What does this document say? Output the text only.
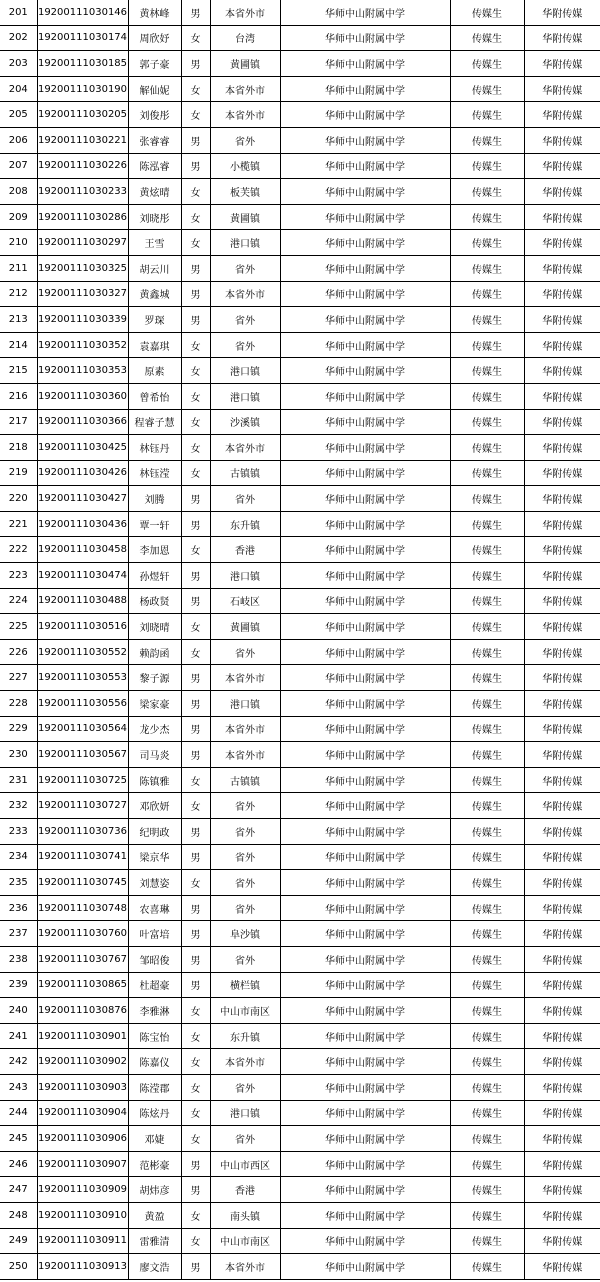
201	19200111030146	黄林峰	男	本省外市	华师中山附属中学	传媒生	华附传媒
202	19200111030174	周欣妤	女	台湾	华师中山附属中学	传媒生	华附传媒
203	19200111030185	郭子豪	男	黄圃镇	华师中山附属中学	传媒生	华附传媒
204	19200111030190	解仙妮	女	本省外市	华师中山附属中学	传媒生	华附传媒
205	19200111030205	刘俊彤	女	本省外市	华师中山附属中学	传媒生	华附传媒
206	19200111030221	张睿睿	男	省外	华师中山附属中学	传媒生	华附传媒
207	19200111030226	陈泓睿	男	小榄镇	华师中山附属中学	传媒生	华附传媒
208	19200111030233	黄炫晴	女	板芙镇	华师中山附属中学	传媒生	华附传媒
209	19200111030286	刘晓彤	女	黄圃镇	华师中山附属中学	传媒生	华附传媒
210	19200111030297	王雪	女	港口镇	华师中山附属中学	传媒生	华附传媒
211	19200111030325	胡云川	男	省外	华师中山附属中学	传媒生	华附传媒
212	19200111030327	黄鑫城	男	本省外市	华师中山附属中学	传媒生	华附传媒
213	19200111030339	罗琛	男	省外	华师中山附属中学	传媒生	华附传媒
214	19200111030352	袁嘉琪	女	省外	华师中山附属中学	传媒生	华附传媒
215	19200111030353	原素	女	港口镇	华师中山附属中学	传媒生	华附传媒
216	19200111030360	曾希怡	女	港口镇	华师中山附属中学	传媒生	华附传媒
217	19200111030366	程睿子慧	女	沙溪镇	华师中山附属中学	传媒生	华附传媒
218	19200111030425	林钰丹	女	本省外市	华师中山附属中学	传媒生	华附传媒
219	19200111030426	林钰滢	女	古镇镇	华师中山附属中学	传媒生	华附传媒
220	19200111030427	刘腾	男	省外	华师中山附属中学	传媒生	华附传媒
221	19200111030436	覃一轩	男	东升镇	华师中山附属中学	传媒生	华附传媒
222	19200111030458	李加恩	女	香港	华师中山附属中学	传媒生	华附传媒
223	19200111030474	孙煜轩	男	港口镇	华师中山附属中学	传媒生	华附传媒
224	19200111030488	杨政贤	男	石岐区	华师中山附属中学	传媒生	华附传媒
225	19200111030516	刘晓晴	女	黄圃镇	华师中山附属中学	传媒生	华附传媒
226	19200111030552	赖韵函	女	省外	华师中山附属中学	传媒生	华附传媒
227	19200111030553	黎子源	男	本省外市	华师中山附属中学	传媒生	华附传媒
228	19200111030556	梁家豪	男	港口镇	华师中山附属中学	传媒生	华附传媒
229	19200111030564	龙少杰	男	本省外市	华师中山附属中学	传媒生	华附传媒
230	19200111030567	司马炎	男	本省外市	华师中山附属中学	传媒生	华附传媒
231	19200111030725	陈镇雅	女	古镇镇	华师中山附属中学	传媒生	华附传媒
232	19200111030727	邓欣妍	女	省外	华师中山附属中学	传媒生	华附传媒
233	19200111030736	纪明政	男	省外	华师中山附属中学	传媒生	华附传媒
234	19200111030741	梁京华	男	省外	华师中山附属中学	传媒生	华附传媒
235	19200111030745	刘慧姿	女	省外	华师中山附属中学	传媒生	华附传媒
236	19200111030748	农喜琳	男	省外	华师中山附属中学	传媒生	华附传媒
237	19200111030760	叶富培	男	阜沙镇	华师中山附属中学	传媒生	华附传媒
238	19200111030767	邹昭俊	男	省外	华师中山附属中学	传媒生	华附传媒
239	19200111030865	杜超豪	男	横栏镇	华师中山附属中学	传媒生	华附传媒
240	19200111030876	李雅淋	女	中山市南区	华师中山附属中学	传媒生	华附传媒
241	19200111030901	陈宝怡	女	东升镇	华师中山附属中学	传媒生	华附传媒
242	19200111030902	陈嘉仪	女	本省外市	华师中山附属中学	传媒生	华附传媒
243	19200111030903	陈滢郡	女	省外	华师中山附属中学	传媒生	华附传媒
244	19200111030904	陈炫丹	女	港口镇	华师中山附属中学	传媒生	华附传媒
245	19200111030906	邓婕	女	省外	华师中山附属中学	传媒生	华附传媒
246	19200111030907	范彬豪	男	中山市西区	华师中山附属中学	传媒生	华附传媒
247	19200111030909	胡炜彦	男	香港	华师中山附属中学	传媒生	华附传媒
248	19200111030910	黄盈	女	南头镇	华师中山附属中学	传媒生	华附传媒
249	19200111030911	雷雅清	女	中山市南区	华师中山附属中学	传媒生	华附传媒
250	19200111030913	廖文浩	男	本省外市	华师中山附属中学	传媒生	华附传媒
